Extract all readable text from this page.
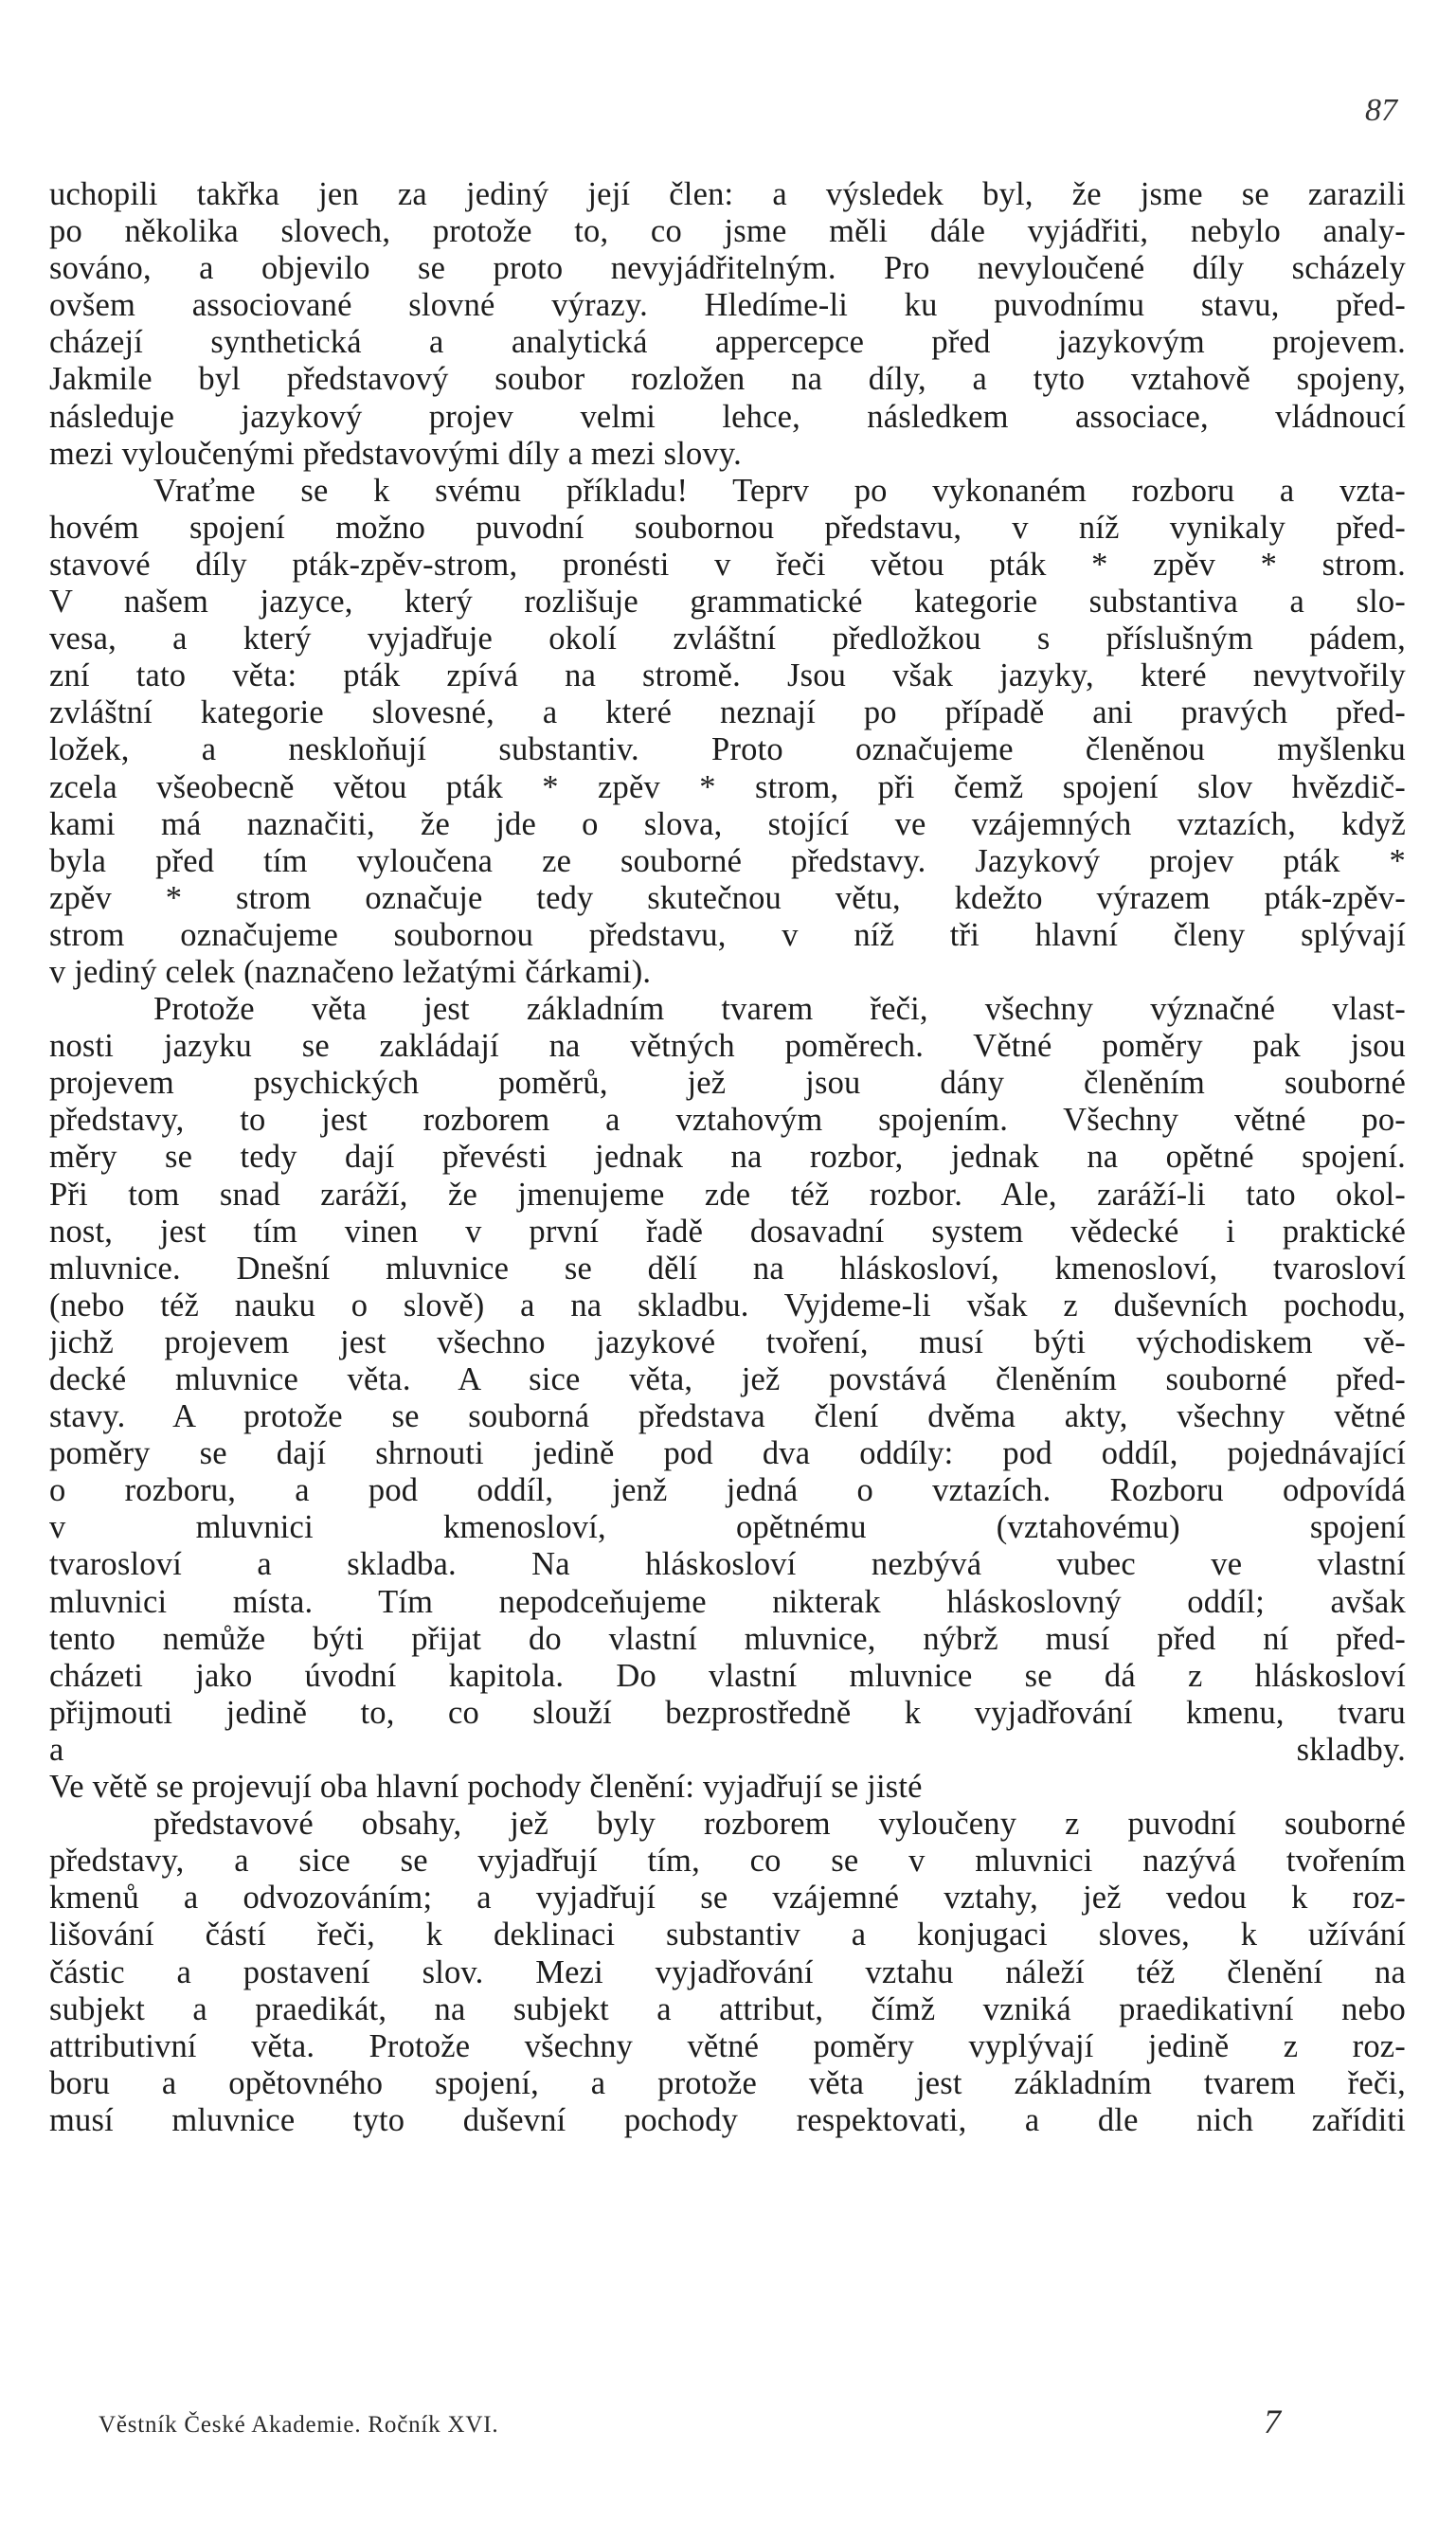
87
uchopili takřka jen za jediný její člen: a výsledek byl, že jsme se zarazili
po několika slovech, protože to, co jsme měli dále vyjádřiti, nebylo analy-
sováno, a objevilo se proto nevyjádřitelným. Pro nevyloučené díly scházely
ovšem associované slovné výrazy. Hledíme-li ku puvodnímu stavu, před-
cházejí synthetická a analytická appercepce před jazykovým projevem.
Jakmile byl představový soubor rozložen na díly, a tyto vztahově spojeny,
následuje jazykový projev velmi lehce, následkem associace, vládnoucí
mezi vyloučenými představovými díly a mezi slovy.
Vraťme se k svému příkladu! Teprv po vykonaném rozboru a vzta-
hovém spojení možno puvodní soubornou představu, v níž vynikaly před-
stavové díly pták-zpěv-strom, pronésti v řeči větou pták * zpěv * strom.
V našem jazyce, který rozlišuje grammatické kategorie substantiva a slo-
vesa, a který vyjadřuje okolí zvláštní předložkou s příslušným pádem,
zní tato věta: pták zpívá na stromě. Jsou však jazyky, které nevytvořily
zvláštní kategorie slovesné, a které neznají po případě ani pravých před-
ložek, a neskloňují substantiv. Proto označujeme členěnou myšlenku
zcela všeobecně větou pták * zpěv * strom, při čemž spojení slov hvězdič-
kami má naznačiti, že jde o slova, stojící ve vzájemných vztazích, když
byla před tím vyloučena ze souborné představy. Jazykový projev pták *
zpěv * strom označuje tedy skutečnou větu, kdežto výrazem pták-zpěv-
strom označujeme soubornou představu, v níž tři hlavní členy splývají
v jediný celek (naznačeno ležatými čárkami).
Protože věta jest základním tvarem řeči, všechny význačné vlast-
nosti jazyku se zakládají na větných poměrech. Větné poměry pak jsou
projevem psychických poměrů, jež jsou dány členěním souborné
představy, to jest rozborem a vztahovým spojením. Všechny větné po-
měry se tedy dají převésti jednak na rozbor, jednak na opětné spojení.
Při tom snad zaráží, že jmenujeme zde též rozbor. Ale, zaráží-li tato okol-
nost, jest tím vinen v první řadě dosavadní system vědecké i praktické
mluvnice. Dnešní mluvnice se dělí na hláskosloví, kmenosloví, tvarosloví
(nebo též nauku o slově) a na skladbu. Vyjdeme-li však z duševních pochodu,
jichž projevem jest všechno jazykové tvoření, musí býti východiskem vě-
decké mluvnice věta. A sice věta, jež povstává členěním souborné před-
stavy. A protože se souborná představa člení dvěma akty, všechny větné
poměry se dají shrnouti jedině pod dva oddíly: pod oddíl, pojednávající
o rozboru, a pod oddíl, jenž jedná o vztazích. Rozboru odpovídá
v mluvnici kmenosloví, opětnému (vztahovému) spojení
tvarosloví a skladba. Na hláskosloví nezbývá vubec ve vlastní
mluvnici místa. Tím nepodceňujeme nikterak hláskoslovný oddíl; avšak
tento nemůže býti přijat do vlastní mluvnice, nýbrž musí před ní před-
cházeti jako úvodní kapitola. Do vlastní mluvnice se dá z hláskosloví
přijmouti jedině to, co slouží bezprostředně k vyjadřování kmenu, tvaru
a skladby.
Ve větě se projevují oba hlavní pochody členění: vyjadřují se jisté
představové obsahy, jež byly rozborem vyloučeny z puvodní souborné
představy, a sice se vyjadřují tím, co se v mluvnici nazývá tvořením
kmenů a odvozováním; a vyjadřují se vzájemné vztahy, jež vedou k roz-
lišování částí řeči, k deklinaci substantiv a konjugaci sloves, k užívání
částic a postavení slov. Mezi vyjadřování vztahu náleží též členění na
subjekt a praedikát, na subjekt a attribut, čímž vzniká praedikativní nebo
attributivní věta. Protože všechny větné poměry vyplývají jedině z roz-
boru a opětovného spojení, a protože věta jest základním tvarem řeči,
musí mluvnice tyto duševní pochody respektovati, a dle nich zaříditi
Věstník České Akademie. Ročník XVI.	7
